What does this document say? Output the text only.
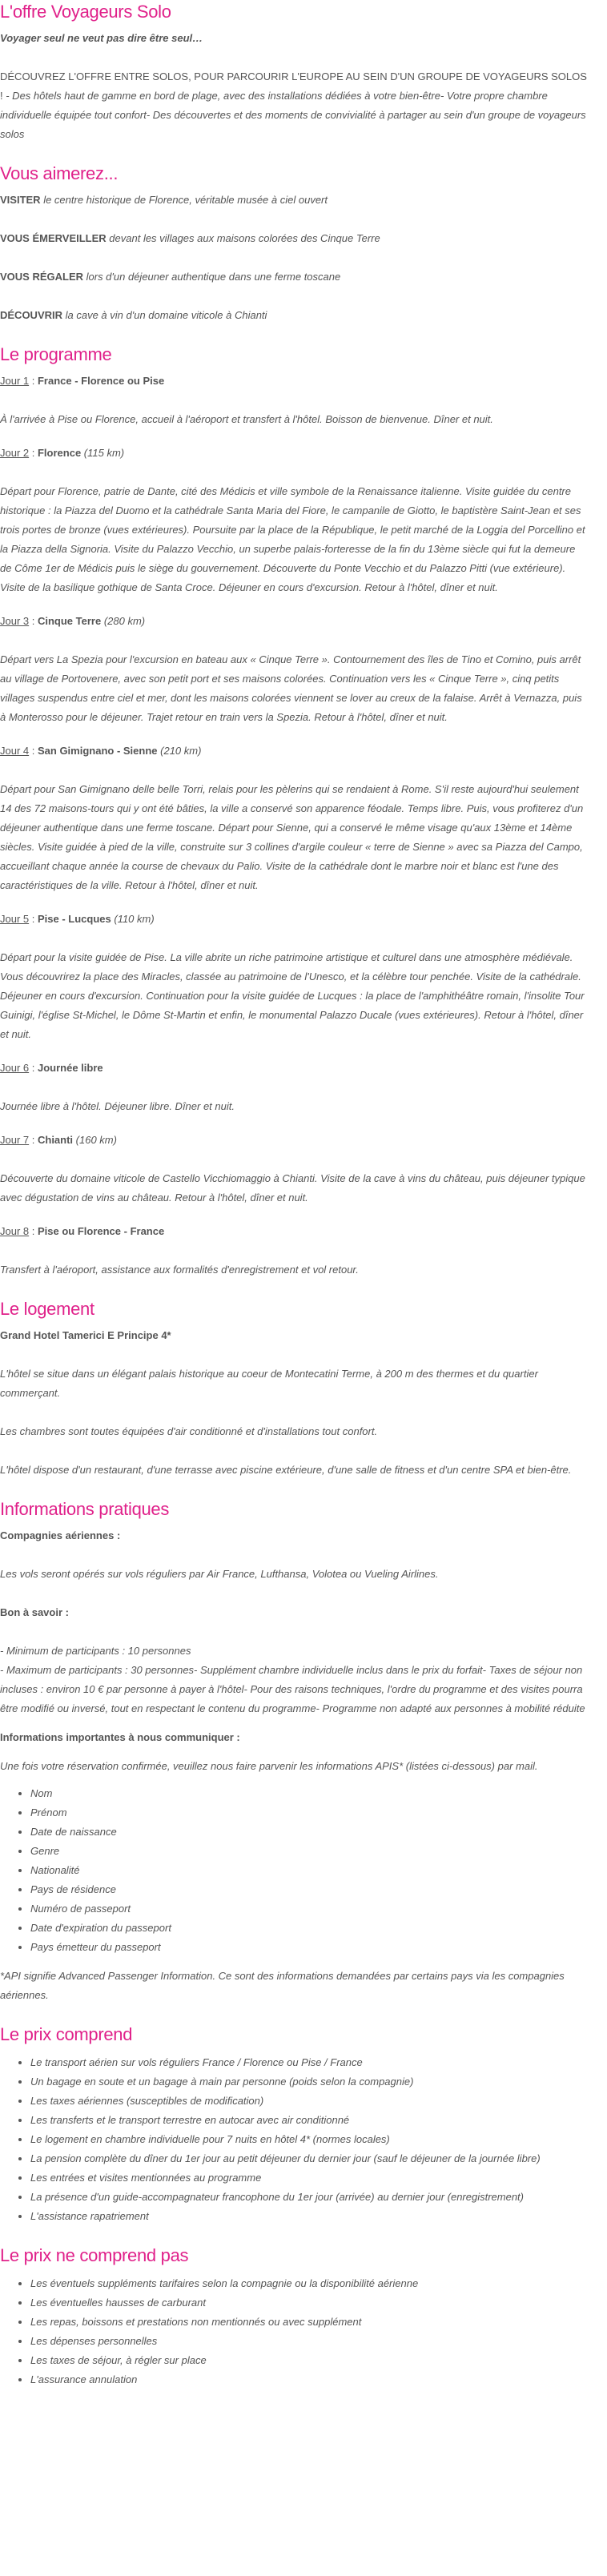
L'offre Voyageurs Solo

Voyager seul ne veut pas dire être seul…

DÉCOUVREZ L'OFFRE ENTRE SOLOS, POUR PARCOURIR L'EUROPE AU SEIN D'UN GROUPE DE VOYAGEURS SOLOS ! - Des hôtels haut de gamme en bord de plage, avec des installations dédiées à votre bien-être- Votre propre chambre individuelle équipée tout confort- Des découvertes et des moments de convivialité à partager au sein d'un groupe de voyageurs solos

Vous aimerez...

VISITER le centre historique de Florence, véritable musée à ciel ouvert

VOUS ÉMERVEILLER devant les villages aux maisons colorées des Cinque Terre

VOUS RÉGALER lors d'un déjeuner authentique dans une ferme toscane

DÉCOUVRIR la cave à vin d'un domaine viticole à Chianti

Le programme

Jour 1 : France - Florence ou Pise

À l'arrivée à Pise ou Florence, accueil à l'aéroport et transfert à l'hôtel. Boisson de bienvenue. Dîner et nuit.

Jour 2 : Florence (115 km)

Départ pour Florence, patrie de Dante, cité des Médicis et ville symbole de la Renaissance italienne. Visite guidée du centre historique : la Piazza del Duomo et la cathédrale Santa Maria del Fiore, le campanile de Giotto, le baptistère Saint-Jean et ses trois portes de bronze (vues extérieures). Poursuite par la place de la République, le petit marché de la Loggia del Porcellino et la Piazza della Signoria. Visite du Palazzo Vecchio, un superbe palais-forteresse de la fin du 13ème siècle qui fut la demeure de Côme 1er de Médicis puis le siège du gouvernement. Découverte du Ponte Vecchio et du Palazzo Pitti (vue extérieure). Visite de la basilique gothique de Santa Croce. Déjeuner en cours d'excursion. Retour à l'hôtel, dîner et nuit.

Jour 3 : Cinque Terre (280 km)

Départ vers La Spezia pour l'excursion en bateau aux « Cinque Terre ». Contournement des îles de Tino et Comino, puis arrêt au village de Portovenere, avec son petit port et ses maisons colorées. Continuation vers les « Cinque Terre », cinq petits villages suspendus entre ciel et mer, dont les maisons colorées viennent se lover au creux de la falaise. Arrêt à Vernazza, puis à Monterosso pour le déjeuner. Trajet retour en train vers la Spezia. Retour à l'hôtel, dîner et nuit.

Jour 4 : San Gimignano - Sienne (210 km)

Départ pour San Gimignano delle belle Torri, relais pour les pèlerins qui se rendaient à Rome. S'il reste aujourd'hui seulement 14 des 72 maisons-tours qui y ont été bâties, la ville a conservé son apparence féodale. Temps libre. Puis, vous profiterez d'un déjeuner authentique dans une ferme toscane. Départ pour Sienne, qui a conservé le même visage qu'aux 13ème et 14ème siècles. Visite guidée à pied de la ville, construite sur 3 collines d'argile couleur « terre de Sienne » avec sa Piazza del Campo, accueillant chaque année la course de chevaux du Palio. Visite de la cathédrale dont le marbre noir et blanc est l'une des caractéristiques de la ville. Retour à l'hôtel, dîner et nuit.

Jour 5 : Pise - Lucques (110 km)

Départ pour la visite guidée de Pise. La ville abrite un riche patrimoine artistique et culturel dans une atmosphère médiévale. Vous découvrirez la place des Miracles, classée au patrimoine de l'Unesco, et la célèbre tour penchée. Visite de la cathédrale. Déjeuner en cours d'excursion. Continuation pour la visite guidée de Lucques : la place de l'amphithéâtre romain, l'insolite Tour Guinigi, l'église St-Michel, le Dôme St-Martin et enfin, le monumental Palazzo Ducale (vues extérieures). Retour à l'hôtel, dîner et nuit.

Jour 6 : Journée libre

Journée libre à l'hôtel. Déjeuner libre. Dîner et nuit.

Jour 7 : Chianti (160 km)

Découverte du domaine viticole de Castello Vicchiomaggio à Chianti. Visite de la cave à vins du château, puis déjeuner typique avec dégustation de vins au château. Retour à l'hôtel, dîner et nuit.

Jour 8 : Pise ou Florence - France

Transfert à l'aéroport, assistance aux formalités d'enregistrement et vol retour.

Le logement

Grand Hotel Tamerici E Principe 4*

L'hôtel se situe dans un élégant palais historique au coeur de Montecatini Terme, à 200 m des thermes et du quartier commerçant.

Les chambres sont toutes équipées d'air conditionné et d'installations tout confort.

L'hôtel dispose d'un restaurant, d'une terrasse avec piscine extérieure, d'une salle de fitness et d'un centre SPA et bien-être.

Informations pratiques

Compagnies aériennes :

Les vols seront opérés sur vols réguliers par Air France, Lufthansa, Volotea ou Vueling Airlines.

Bon à savoir :

- Minimum de participants : 10 personnes
- Maximum de participants : 30 personnes- Supplément chambre individuelle inclus dans le prix du forfait- Taxes de séjour non incluses : environ 10 € par personne à payer à l'hôtel- Pour des raisons techniques, l'ordre du programme et des visites pourra être modifié ou inversé, tout en respectant le contenu du programme- Programme non adapté aux personnes à mobilité réduite

Informations importantes à nous communiquer :

Une fois votre réservation confirmée, veuillez nous faire parvenir les informations APIS* (listées ci-dessous) par mail.

• Nom
• Prénom
• Date de naissance
• Genre
• Nationalité
• Pays de résidence
• Numéro de passeport
• Date d'expiration du passeport
• Pays émetteur du passeport

*API signifie Advanced Passenger Information. Ce sont des informations demandées par certains pays via les compagnies aériennes.

Le prix comprend
• Le transport aérien sur vols réguliers France / Florence ou Pise / France
• Un bagage en soute et un bagage à main par personne (poids selon la compagnie)
• Les taxes aériennes (susceptibles de modification)
• Les transferts et le transport terrestre en autocar avec air conditionné
• Le logement en chambre individuelle pour 7 nuits en hôtel 4* (normes locales)
• La pension complète du dîner du 1er jour au petit déjeuner du dernier jour (sauf le déjeuner de la journée libre)
• Les entrées et visites mentionnées au programme
• La présence d'un guide-accompagnateur francophone du 1er jour (arrivée) au dernier jour (enregistrement)
• L'assistance rapatriement
Le prix ne comprend pas
• Les éventuels suppléments tarifaires selon la compagnie ou la disponibilité aérienne
• Les éventuelles hausses de carburant
• Les repas, boissons et prestations non mentionnés ou avec supplément
• Les dépenses personnelles
• Les taxes de séjour, à régler sur place
• L'assurance annulation
